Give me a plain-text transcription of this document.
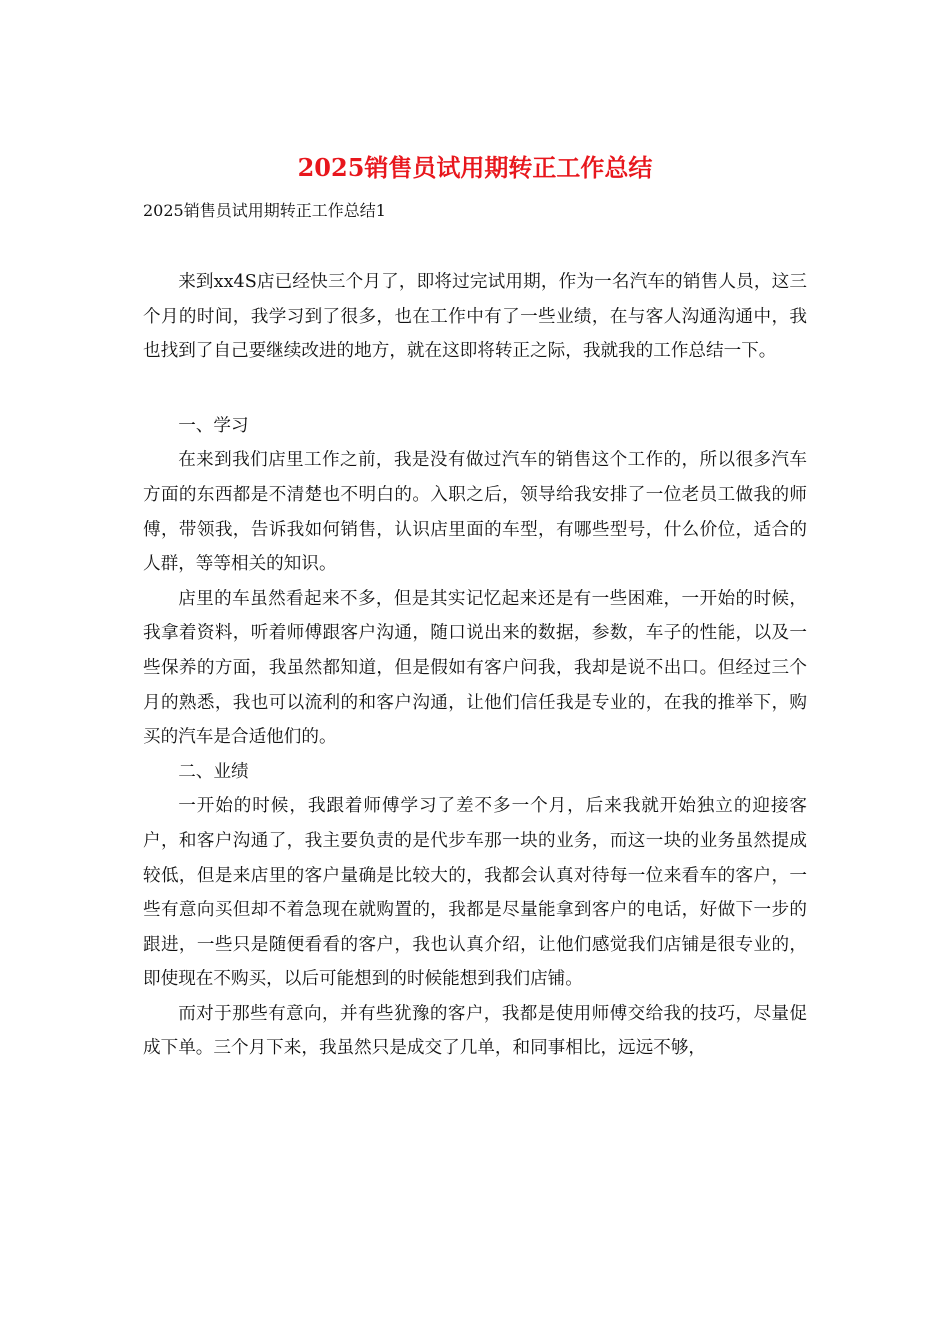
2025销售员试用期转正工作总结
2025销售员试用期转正工作总结1

来到xx4S店已经快三个月了，即将过完试用期，作为一名汽车的销售人员，这三个月的时间，我学习到了很多，也在工作中有了一些业绩，在与客人沟通沟通中，我也找到了自己要继续改进的地方，就在这即将转正之际，我就我的工作总结一下。

一、学习

在来到我们店里工作之前，我是没有做过汽车的销售这个工作的，所以很多汽车方面的东西都是不清楚也不明白的。入职之后，领导给我安排了一位老员工做我的师傅，带领我，告诉我如何销售，认识店里面的车型，有哪些型号，什么价位，适合的人群，等等相关的知识。

店里的车虽然看起来不多，但是其实记忆起来还是有一些困难，一开始的时候，我拿着资料，听着师傅跟客户沟通，随口说出来的数据，参数，车子的性能，以及一些保养的方面，我虽然都知道，但是假如有客户问我，我却是说不出口。但经过三个月的熟悉，我也可以流利的和客户沟通，让他们信任我是专业的，在我的推举下，购买的汽车是合适他们的。

二、业绩

一开始的时候，我跟着师傅学习了差不多一个月，后来我就开始独立的迎接客户，和客户沟通了，我主要负责的是代步车那一块的业务，而这一块的业务虽然提成较低，但是来店里的客户量确是比较大的，我都会认真对待每一位来看车的客户，一些有意向买但却不着急现在就购置的，我都是尽量能拿到客户的电话，好做下一步的跟进，一些只是随便看看的客户，我也认真介绍，让他们感觉我们店铺是很专业的，即使现在不购买，以后可能想到的时候能想到我们店铺。

而对于那些有意向，并有些犹豫的客户，我都是使用师傅交给我的技巧，尽量促成下单。三个月下来，我虽然只是成交了几单，和同事相比，远远不够，
